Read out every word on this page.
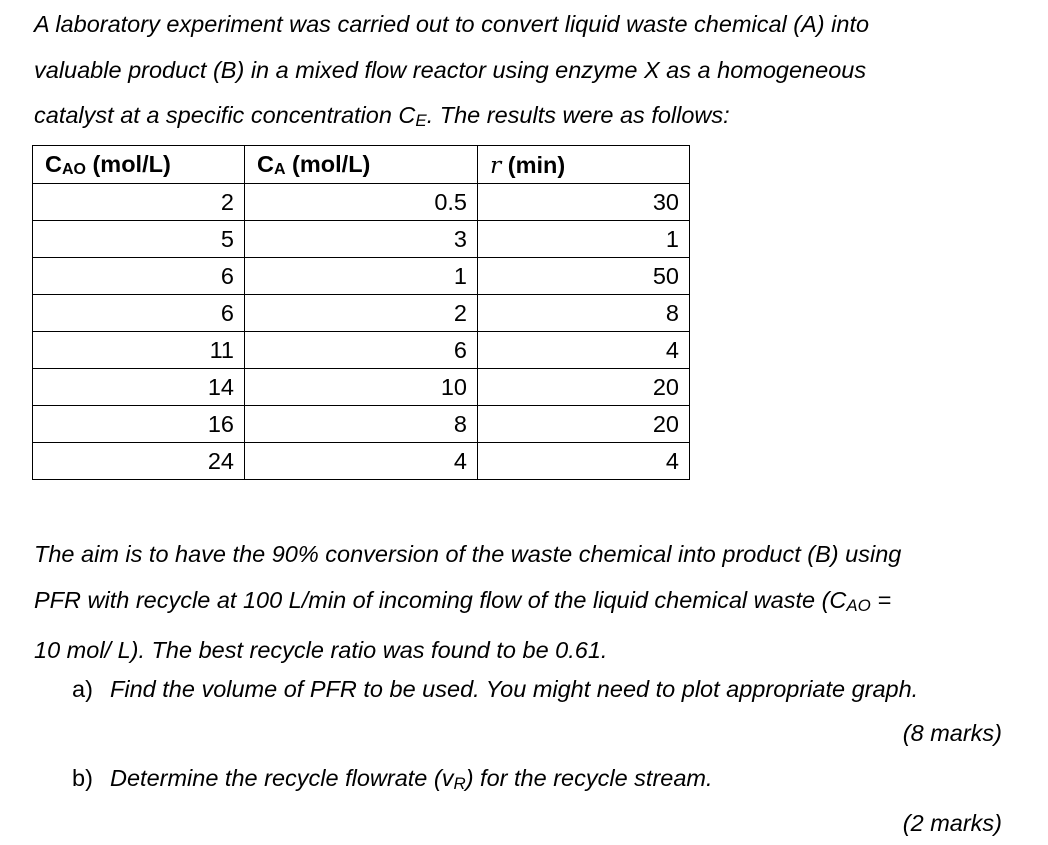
A laboratory experiment was carried out to convert liquid waste chemical (A) into
valuable product (B) in a mixed flow reactor using enzyme X as a homogeneous
catalyst at a specific concentration CE. The results were as follows:

CAO (mol/L)	CA (mol/L)	r (min)
2	0.5	30
5	3	1
6	1	50
6	2	8
11	6	4
14	10	20
16	8	20
24	4	4

The aim is to have the 90% conversion of the waste chemical into product (B) using
PFR with recycle at 100 L/min of incoming flow of the liquid chemical waste (CAO =
10 mol/ L). The best recycle ratio was found to be 0.61.

a) Find the volume of PFR to be used. You might need to plot appropriate graph.

(8 marks)

b) Determine the recycle flowrate (vR) for the recycle stream.

(2 marks)
